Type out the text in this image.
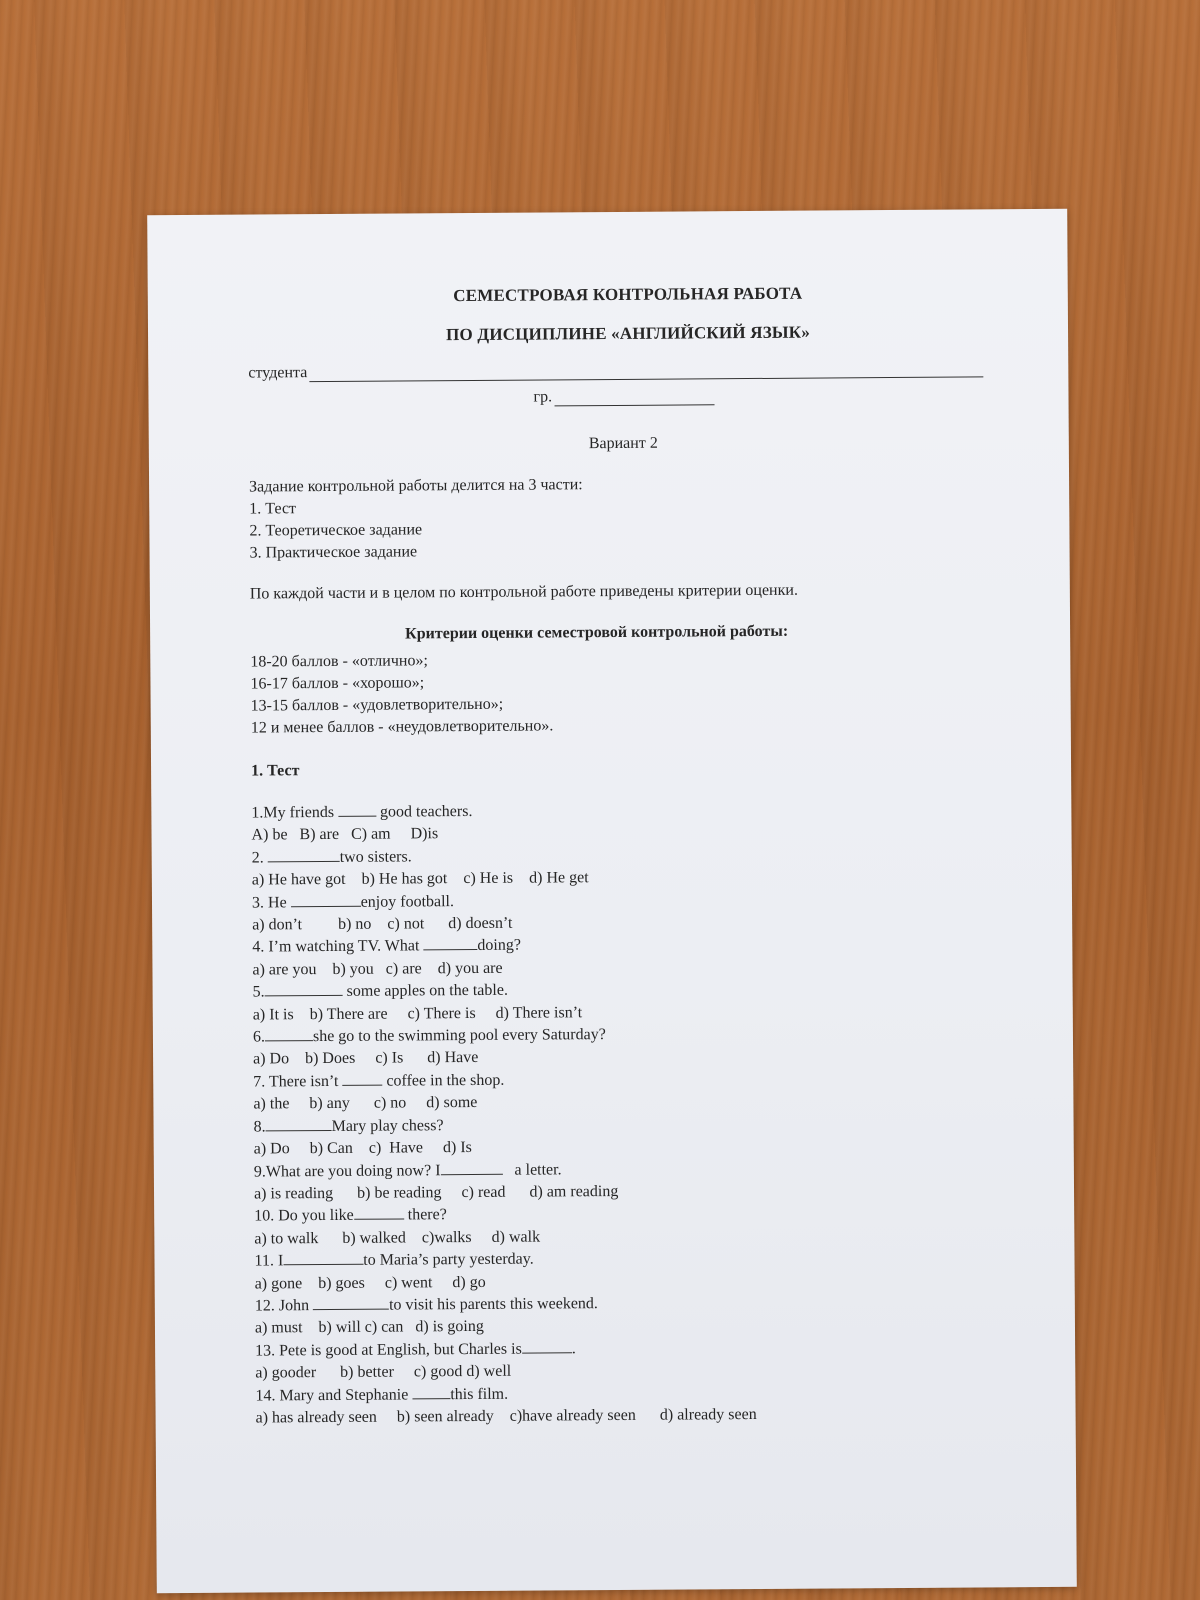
СЕМЕСТРОВАЯ КОНТРОЛЬНАЯ РАБОТА
ПО ДИСЦИПЛИНЕ «АНГЛИЙСКИЙ ЯЗЫК»
студента
гр.
Вариант 2
Задание контрольной работы делится на 3 части:
1. Тест
2. Теоретическое задание
3. Практическое задание
По каждой части и в целом по контрольной работе приведены критерии оценки.
Критерии оценки семестровой контрольной работы:
18-20 баллов - «отлично»;
16-17 баллов - «хорошо»;
13-15 баллов - «удовлетворительно»;
12 и менее баллов - «неудовлетворительно».
1. Тест
1.My friends  good teachers.
A) be   B) are   C) am     D)is
2.	two sisters.
a) He have got    b) He has got    c) He is    d) He get
3. He	enjoy football.
a) don’t         b) no    c) not      d) doesn’t
4. I’m watching TV. What	doing?
a) are you    b) you   c) are    d) you are
5.	some apples on the table.
a) It is    b) There are     c) There is     d) There isn’t
6.	she go to the swimming pool every Saturday?
a) Do    b) Does     c) Is      d) Have
7. There isn’t  coffee in the shop.
a) the     b) any      c) no     d) some
8.	Mary play chess?
a) Do     b) Can    c)  Have     d) Is
9.What are you doing now? I	a letter.
a) is reading      b) be reading     c) read      d) am reading
10. Do you like	there?
a) to walk      b) walked    c)walks     d) walk
11. I	to Maria’s party yesterday.
a) gone    b) goes     c) went     d) go
12. John	to visit his parents this weekend.
a) must    b) will c) can   d) is going
13. Pete is good at English, but Charles is	.
a) gooder      b) better     c) good d) well
14. Mary and Stephanie this film.
a) has already seen     b) seen already    c)have already seen      d) already seen
